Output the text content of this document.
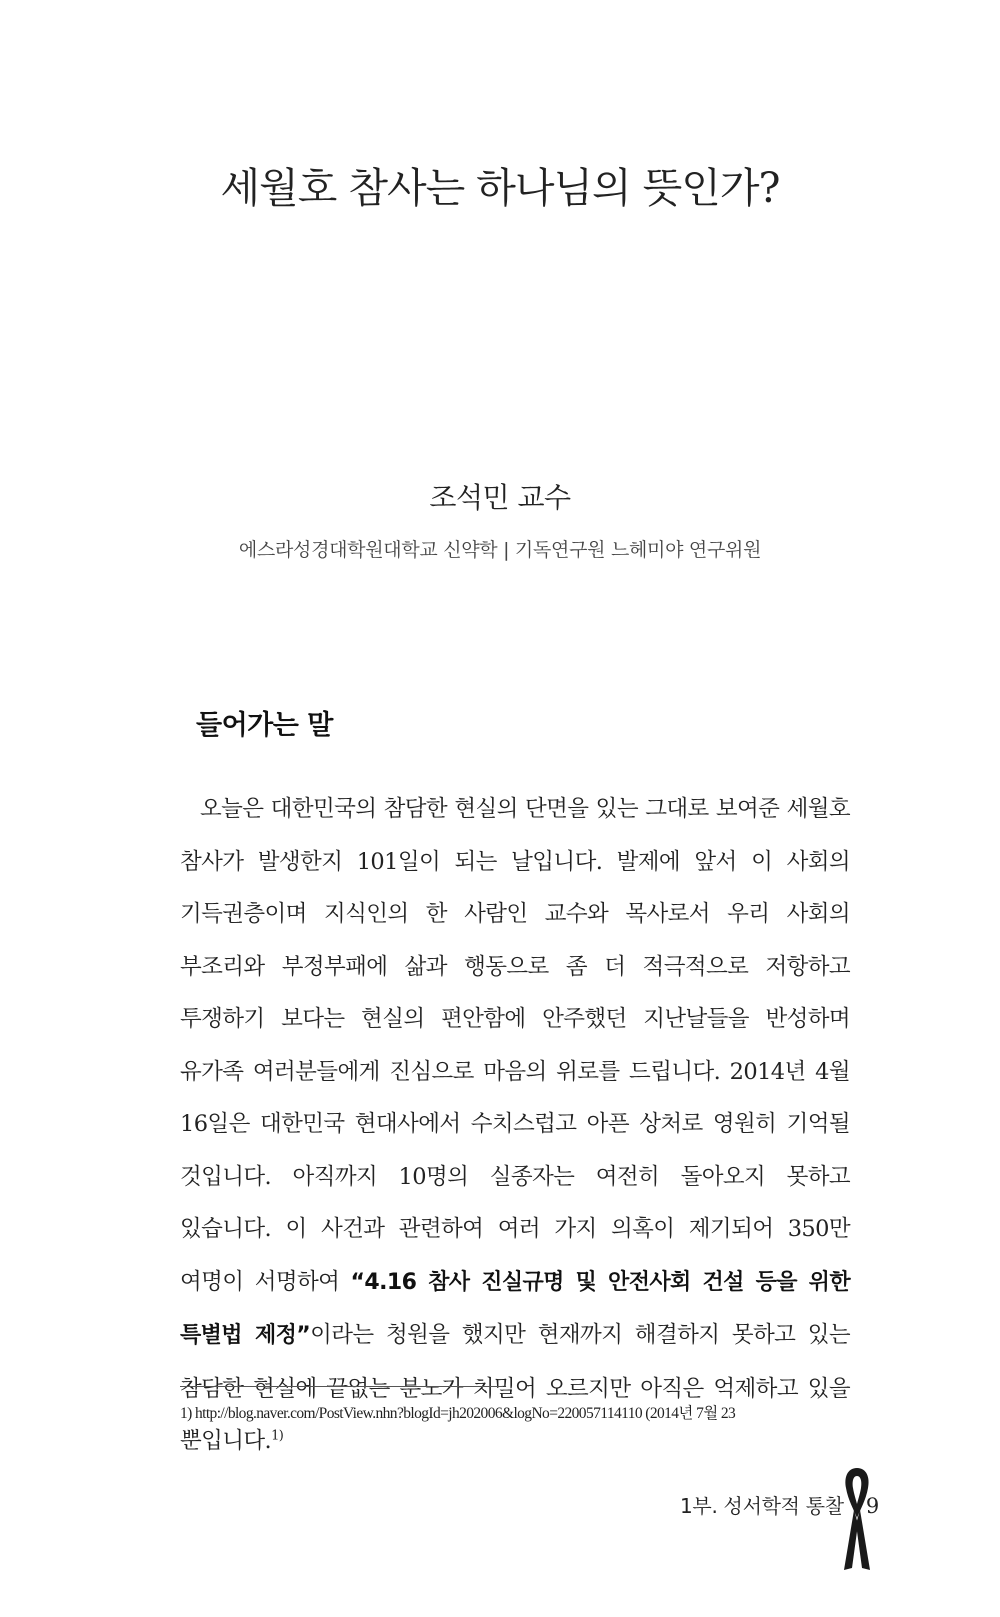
세월호 참사는 하나님의 뜻인가?
조석민 교수
에스라성경대학원대학교 신약학 | 기독연구원 느헤미야 연구위원
들어가는 말
오늘은 대한민국의 참담한 현실의 단면을 있는 그대로 보여준 세월호 참사가 발생한지 101일이 되는 날입니다. 발제에 앞서 이 사회의 기득권층이며 지식인의 한 사람인 교수와 목사로서 우리 사회의 부조리와 부정부패에 삶과 행동으로 좀 더 적극적으로 저항하고 투쟁하기 보다는 현실의 편안함에 안주했던 지난날들을 반성하며 유가족 여러분들에게 진심으로 마음의 위로를 드립니다. 2014년 4월 16일은 대한민국 현대사에서 수치스럽고 아픈 상처로 영원히 기억될 것입니다. 아직까지 10명의 실종자는 여전히 돌아오지 못하고 있습니다. 이 사건과 관련하여 여러 가지 의혹이 제기되어 350만 여명이 서명하여 “4.16 참사 진실규명 및 안전사회 건설 등을 위한 특별법 제정”이라는 청원을 했지만 현재까지 해결하지 못하고 있는 참담한 현실에 끝없는 분노가 치밀어 오르지만 아직은 억제하고 있을 뿐입니다.$^{1)}$
1) http://blog.naver.com/PostView.nhn?blogId=jh202006&logNo=220057114110 (2014년 7월 23
1부. 성서학적 통찰 9
